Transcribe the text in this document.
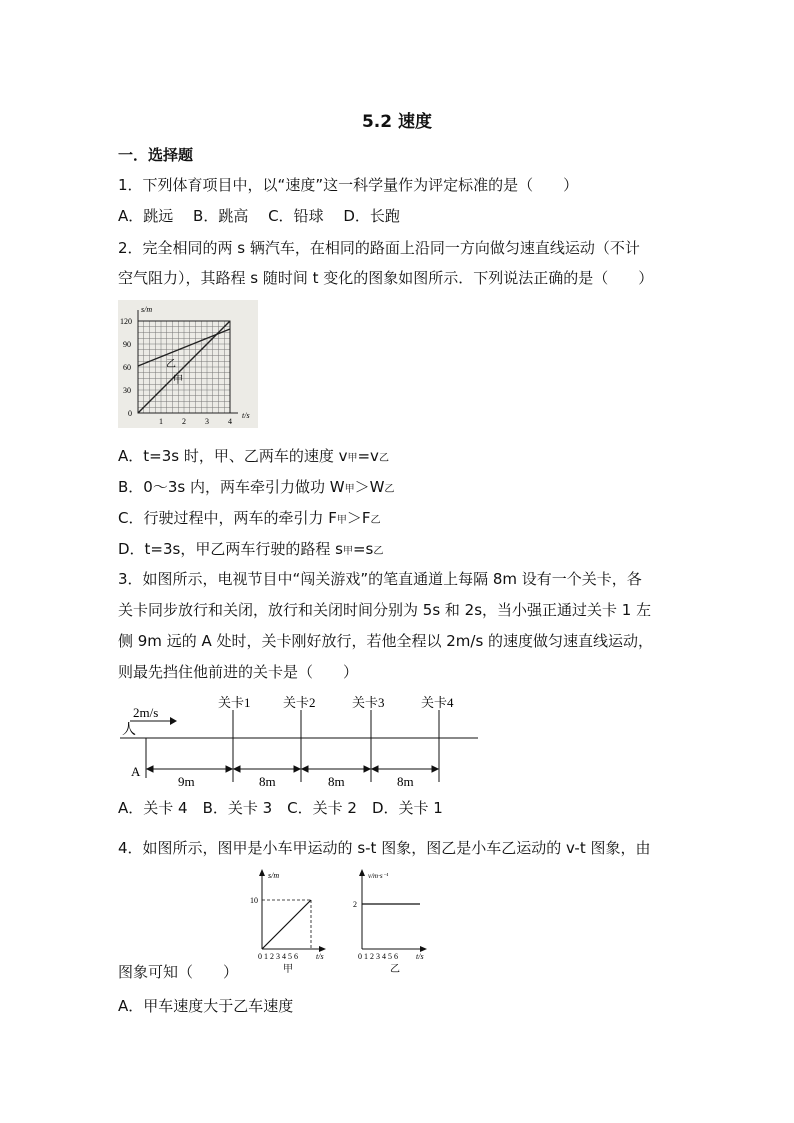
5.2 速度
一．选择题
1．下列体育项目中，以“速度”这一科学量作为评定标准的是（　　）
A．跳远　 B．跳高　 C．铅球　 D．长跑
2．完全相同的两 s 辆汽车，在相同的路面上沿同一方向做匀速直线运动（不计
空气阻力），其路程 s 随时间 t 变化的图象如图所示．下列说法正确的是（　　）
s/m
t/s
120
90
60
30
0
1 2 3 4
乙
甲
A．t=3s 时，甲、乙两车的速度 v甲=v乙
B．0～3s 内，两车牵引力做功 W甲＞W乙
C．行驶过程中，两车的牵引力 F甲＞F乙
D．t=3s，甲乙两车行驶的路程 s甲=s乙
3．如图所示，电视节目中“闯关游戏”的笔直通道上每隔 8m 设有一个关卡，各
关卡同步放行和关闭，放行和关闭时间分别为 5s 和 2s，当小强正通过关卡 1 左
侧 9m 远的 A 处时，关卡刚好放行，若他全程以 2m/s 的速度做匀速直线运动，
则最先挡住他前进的关卡是（　　）
2m/s
人
关卡1 关卡2	关卡3	关卡4
A
9m	8m	8m	8m
A．关卡 4　B．关卡 3　C．关卡 2　D．关卡 1
4．如图所示，图甲是小车甲运动的 s-t 图象，图乙是小车乙运动的 v-t 图象，由
s/m
10
0 1 2 3 4 5 6 t/s
甲
v/m·s⁻¹
2
0 1 2 3 4 5 6 t/s
乙
图象可知（　　）
A．甲车速度大于乙车速度
